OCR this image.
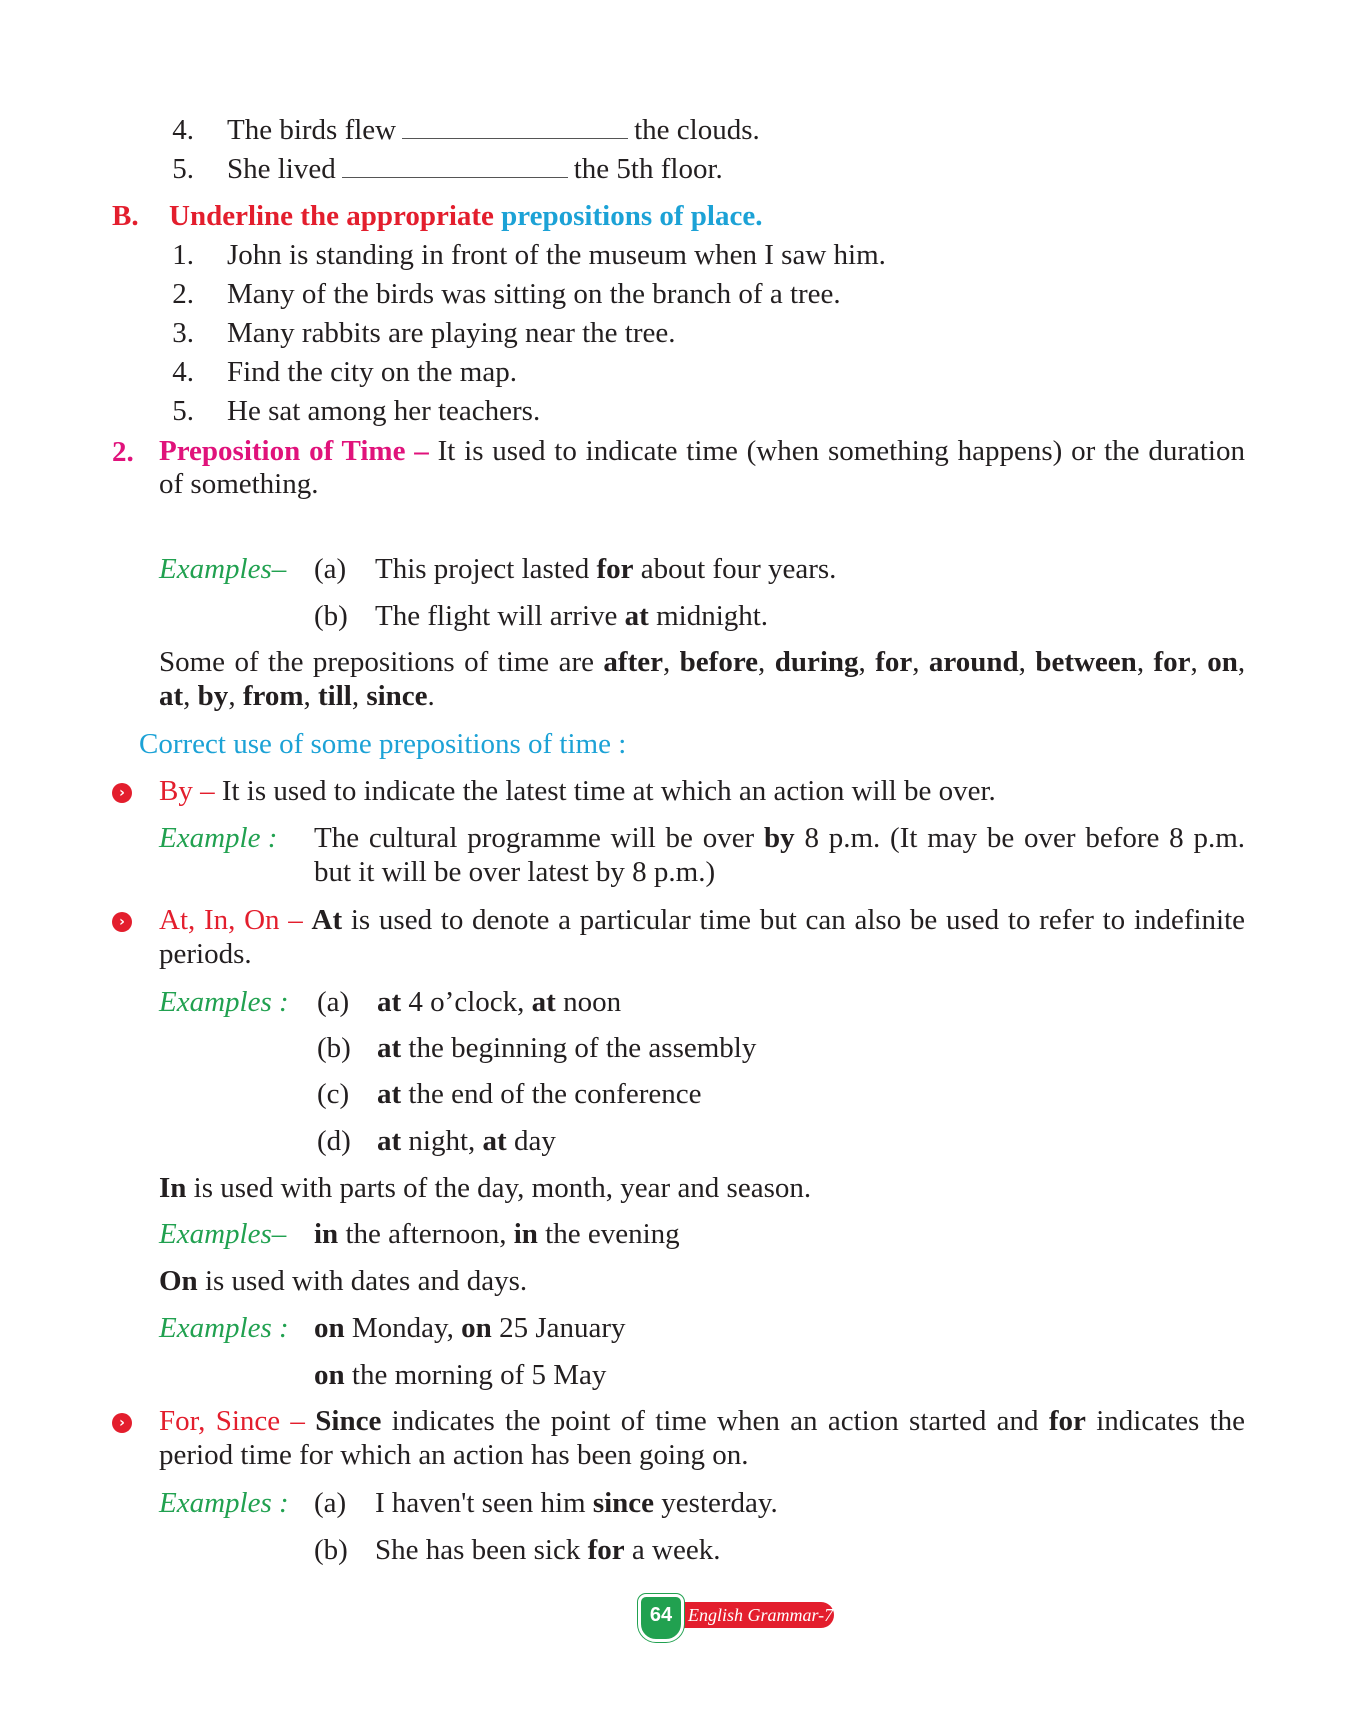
4. The birds flew	the clouds.
5. She lived	the 5th floor.
B. Underline the appropriate prepositions of place.
1. John is standing in front of the museum when I saw him.
2. Many of the birds was sitting on the branch of a tree.
3. Many rabbits are playing near the tree.
4. Find the city on the map.
5. He sat among her teachers.
2. Preposition of Time – It is used to indicate time (when something happens) or the duration of something.
Examples– (a) This project lasted for about four years.
(b) The flight will arrive at midnight.
Some of the prepositions of time are after, before, during, for, around, between, for, on, at, by, from, till, since.
Correct use of some prepositions of time :
› By – It is used to indicate the latest time at which an action will be over.
Example : The cultural programme will be over by 8 p.m. (It may be over before 8 p.m. but it will be over latest by 8 p.m.)
› At, In, On – At is used to denote a particular time but can also be used to refer to indefinite periods.
Examples : (a) at 4 o’clock, at noon
(b) at the beginning of the assembly
(c) at the end of the conference
(d) at night, at day
In is used with parts of the day, month, year and season.
Examples– in the afternoon, in the evening
On is used with dates and days.
Examples : on Monday, on 25 January
on the morning of 5 May
› For, Since – Since indicates the point of time when an action started and for indicates the period time for which an action has been going on.
Examples : (a) I haven't seen him since yesterday.
(b) She has been sick for a week.
64 English Grammar-7
